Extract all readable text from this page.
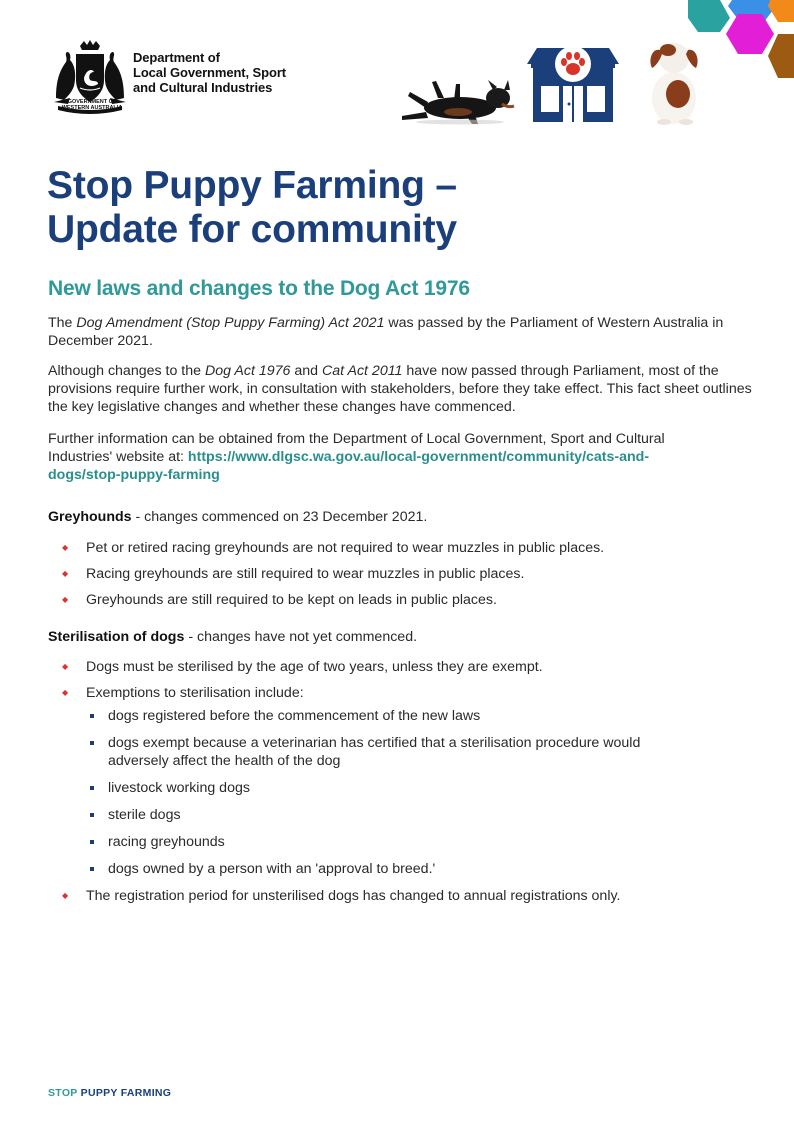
GOVERNMENT OF
WESTERN AUSTRALIA
Department of
Local Government, Sport
and Cultural Industries
Stop Puppy Farming –
Update for community
New laws and changes to the Dog Act 1976

The Dog Amendment (Stop Puppy Farming) Act 2021 was passed by the Parliament of Western Australia in December 2021.

Although changes to the Dog Act 1976 and Cat Act 2011 have now passed through Parliament, most of the provisions require further work, in consultation with stakeholders, before they take effect. This fact sheet outlines the key legislative changes and whether these changes have commenced.

Further information can be obtained from the Department of Local Government, Sport and Cultural Industries' website at: https://www.dlgsc.wa.gov.au/local-government/community/cats-and-dogs/stop-puppy-farming

Greyhounds - changes commenced on 23 December 2021.
◆ Pet or retired racing greyhounds are not required to wear muzzles in public places.
◆ Racing greyhounds are still required to wear muzzles in public places.
◆ Greyhounds are still required to be kept on leads in public places.
Sterilisation of dogs - changes have not yet commenced.
◆ Dogs must be sterilised by the age of two years, unless they are exempt.
◆ Exemptions to sterilisation include:
dogs registered before the commencement of the new laws
dogs exempt because a veterinarian has certified that a sterilisation procedure would adversely affect the health of the dog
livestock working dogs
sterile dogs
racing greyhounds
dogs owned by a person with an 'approval to breed.'
◆ The registration period for unsterilised dogs has changed to annual registrations only.
STOP PUPPY FARMING
